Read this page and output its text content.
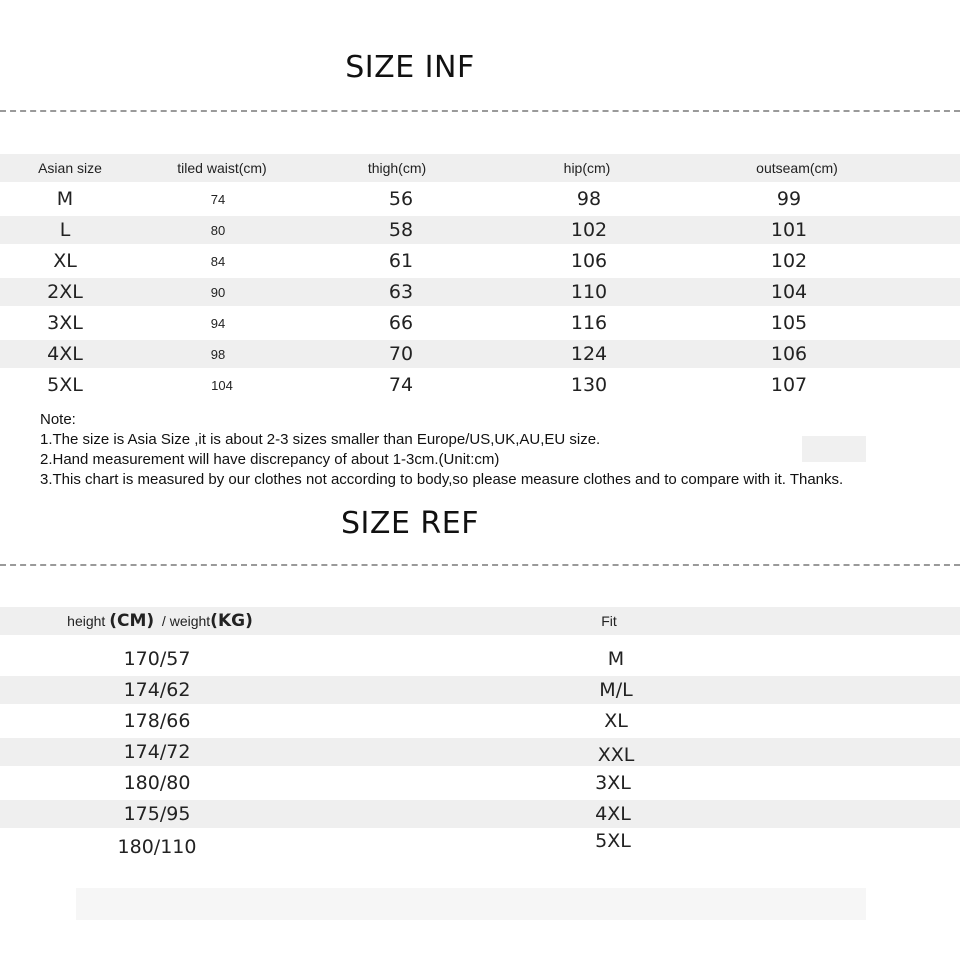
SIZE INF
Asian size	tiled waist(cm)	thigh(cm)	hip(cm)	outseam(cm)
M	74	56	98	99
L	80	58	102	101
XL	84	61	106	102
2XL	90	63	110	104
3XL	94	66	116	105
4XL	98	70	124	106
5XL	104	74	130	107
Note:
1.The size is Asia Size ,it is about 2-3 sizes smaller than Europe/US,UK,AU,EU size.
2.Hand measurement will have discrepancy of about 1-3cm.(Unit:cm)
3.This chart is measured by our clothes not according to body,so please measure clothes and to compare with it. Thanks.
SIZE REF
height
(CM)
/
weight (KG)	Fit
170/57	M
174/62	M/L
178/66	XL
174/72	XXL
180/80	3XL
175/95	4XL
180/110	5XL
